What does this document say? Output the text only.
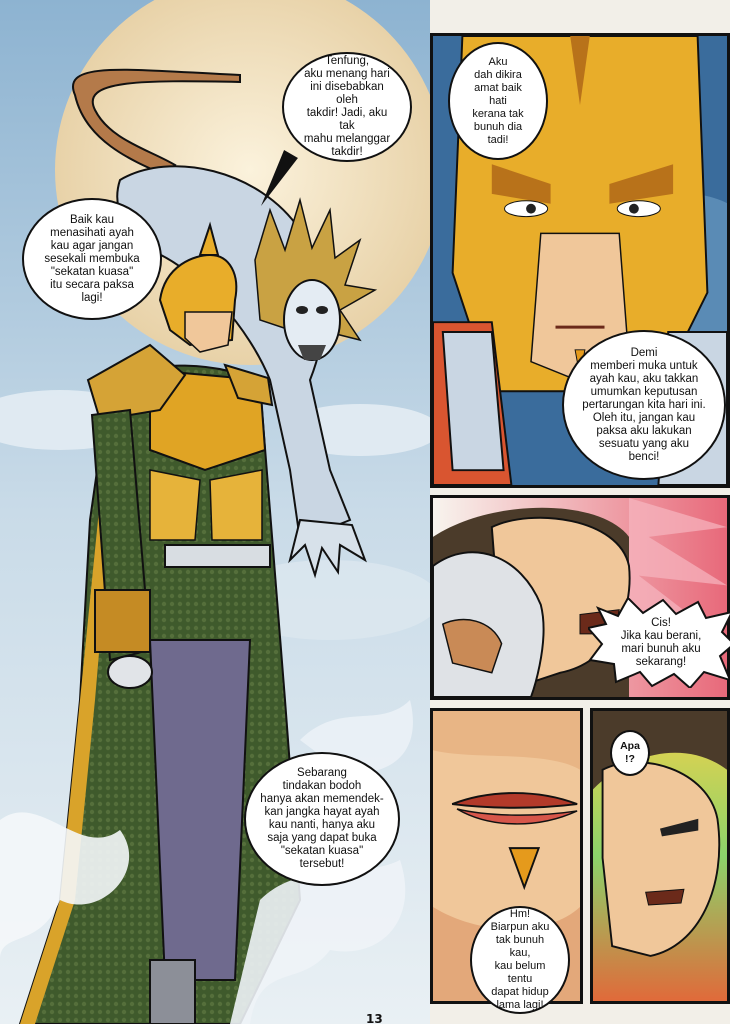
Tenfung,
aku menang hari
ini disebabkan oleh
takdir! Jadi, aku tak
mahu melanggar
takdir!
Baik kau
menasihati ayah
kau agar jangan
sesekali membuka
"sekatan kuasa"
itu secara paksa
lagi!
Aku
dah dikira
amat baik hati
kerana tak
bunuh dia
tadi!
Demi
memberi muka untuk
ayah kau, aku takkan
umumkan keputusan
pertarungan kita hari ini.
Oleh itu, jangan kau
paksa aku lakukan
sesuatu yang aku
benci!
Cis!
Jika kau berani,
mari bunuh aku
sekarang!
Sebarang
tindakan bodoh
hanya akan memendek-
kan jangka hayat ayah
kau nanti, hanya aku
saja yang dapat buka
"sekatan kuasa"
tersebut!
Apa
!?
Hm!
Biarpun aku
tak bunuh kau,
kau belum tentu
dapat hidup
lama lagi!
13
